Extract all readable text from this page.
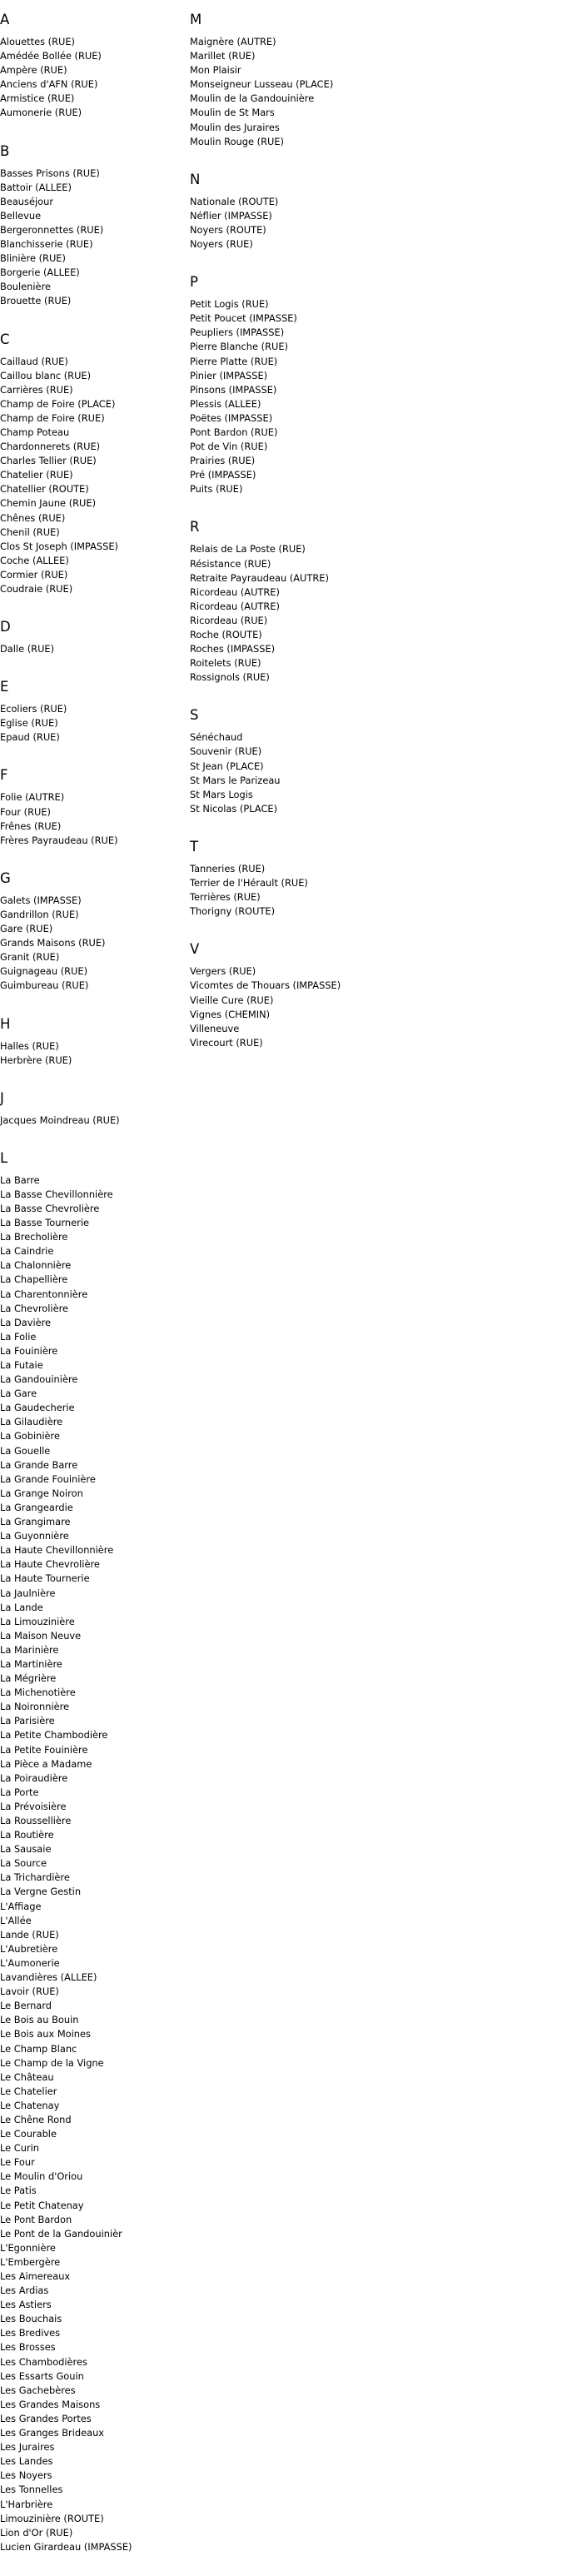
A
Alouettes (RUE)
Amédée Bollée (RUE)
Ampère (RUE)
Anciens d'AFN (RUE)
Armistice (RUE)
Aumonerie (RUE)
B
Basses Prisons (RUE)
Battoir (ALLEE)
Beauséjour
Bellevue
Bergeronnettes (RUE)
Blanchisserie (RUE)
Blinière (RUE)
Borgerie (ALLEE)
Boulenière
Brouette (RUE)
C
Caillaud (RUE)
Caillou blanc (RUE)
Carrières (RUE)
Champ de Foire (PLACE)
Champ de Foire (RUE)
Champ Poteau
Chardonnerets (RUE)
Charles Tellier (RUE)
Chatelier (RUE)
Chatellier (ROUTE)
Chemin Jaune (RUE)
Chênes (RUE)
Chenil (RUE)
Clos St Joseph (IMPASSE)
Coche (ALLEE)
Cormier (RUE)
Coudraie (RUE)
D
Dalle (RUE)
E
Ecoliers (RUE)
Eglise (RUE)
Epaud (RUE)
F
Folie (AUTRE)
Four (RUE)
Frênes (RUE)
Frères Payraudeau (RUE)
G
Galets (IMPASSE)
Gandrillon (RUE)
Gare (RUE)
Grands Maisons (RUE)
Granit (RUE)
Guignageau (RUE)
Guimbureau (RUE)
H
Halles (RUE)
Herbrère (RUE)
J
Jacques Moindreau (RUE)
L
La Barre
La Basse Chevillonnière
La Basse Chevrolière
La Basse Tournerie
La Brecholière
La Caindrie
La Chalonnière
La Chapellière
La Charentonnière
La Chevrolière
La Davière
La Folie
La Fouinière
La Futaie
La Gandouinière
La Gare
La Gaudecherie
La Gilaudière
La Gobinière
La Gouelle
La Grande Barre
La Grande Fouinière
La Grange Noiron
La Grangeardie
La Grangimare
La Guyonnière
La Haute Chevillonnière
La Haute Chevrolière
La Haute Tournerie
La Jaulnière
La Lande
La Limouzinière
La Maison Neuve
La Marinière
La Martinière
La Mégrière
La Michenotière
La Noironnière
La Parisière
La Petite Chambodière
La Petite Fouinière
La Pièce a Madame
La Poiraudière
La Porte
La Prévoisière
La Roussellière
La Routière
La Sausaie
La Source
La Trichardière
La Vergne Gestin
L'Affiage
L'Allée
Lande (RUE)
L'Aubretière
L'Aumonerie
Lavandières (ALLEE)
Lavoir (RUE)
Le Bernard
Le Bois au Bouin
Le Bois aux Moines
Le Champ Blanc
Le Champ de la Vigne
Le Château
Le Chatelier
Le Chatenay
Le Chêne Rond
Le Courable
Le Curin
Le Four
Le Moulin d'Oriou
Le Patis
Le Petit Chatenay
Le Pont Bardon
Le Pont de la Gandouinièr
L'Egonnière
L'Embergère
Les Aimereaux
Les Ardias
Les Astiers
Les Bouchais
Les Bredives
Les Brosses
Les Chambodières
Les Essarts Gouin
Les Gachebères
Les Grandes Maisons
Les Grandes Portes
Les Granges Brideaux
Les Juraires
Les Landes
Les Noyers
Les Tonnelles
L'Harbrière
Limouzinière (ROUTE)
Lion d'Or (RUE)
Lucien Girardeau (IMPASSE)
M
Maignère (AUTRE)
Marillet (RUE)
Mon Plaisir
Monseigneur Lusseau (PLACE)
Moulin de la Gandouinière
Moulin de St Mars
Moulin des Juraires
Moulin Rouge (RUE)
N
Nationale (ROUTE)
Néflier (IMPASSE)
Noyers (ROUTE)
Noyers (RUE)
P
Petit Logis (RUE)
Petit Poucet (IMPASSE)
Peupliers (IMPASSE)
Pierre Blanche (RUE)
Pierre Platte (RUE)
Pinier (IMPASSE)
Pinsons (IMPASSE)
Plessis (ALLEE)
Poëtes (IMPASSE)
Pont Bardon (RUE)
Pot de Vin (RUE)
Prairies (RUE)
Pré (IMPASSE)
Puits (RUE)
R
Relais de La Poste (RUE)
Résistance (RUE)
Retraite Payraudeau (AUTRE)
Ricordeau (AUTRE)
Ricordeau (AUTRE)
Ricordeau (RUE)
Roche (ROUTE)
Roches (IMPASSE)
Roitelets (RUE)
Rossignols (RUE)
S
Sénéchaud
Souvenir (RUE)
St Jean (PLACE)
St Mars le Parizeau
St Mars Logis
St Nicolas (PLACE)
T
Tanneries (RUE)
Terrier de l'Hérault (RUE)
Terrières (RUE)
Thorigny (ROUTE)
V
Vergers (RUE)
Vicomtes de Thouars (IMPASSE)
Vieille Cure (RUE)
Vignes (CHEMIN)
Villeneuve
Virecourt (RUE)
